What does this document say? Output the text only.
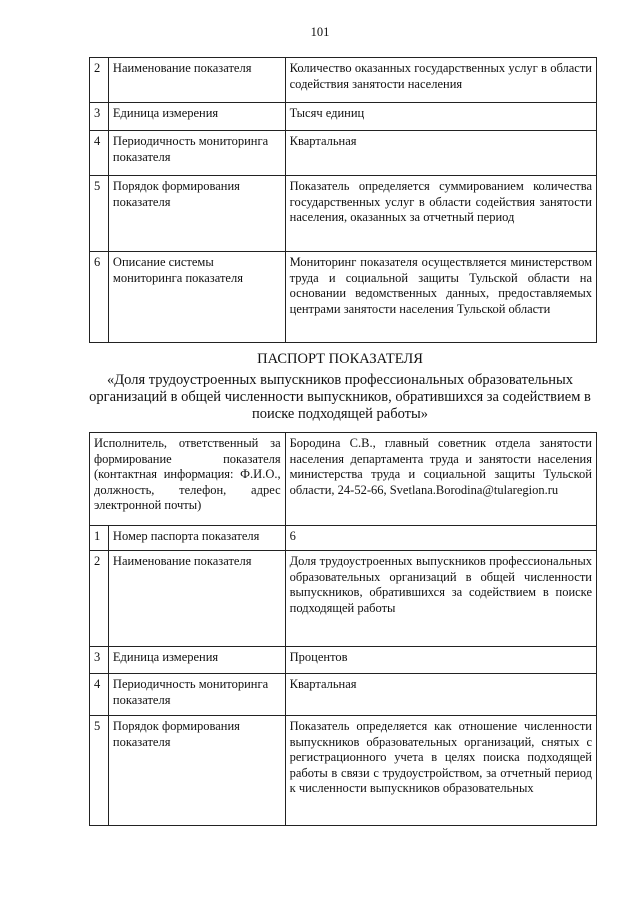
101
2	Наименование показателя	Количество оказанных государственных услуг в области содействия занятости населения
3	Единица измерения	Тысяч единиц
4	Периодичность мониторинга показателя	Квартальная
5	Порядок формирования показателя	Показатель определяется суммированием количества государственных услуг в области содействия занятости населения, оказанных за отчетный период
6	Описание системы мониторинга показателя	Мониторинг показателя осуществляется министерством труда и социальной защиты Тульской области на основании ведомственных данных, предоставляемых центрами занятости населения Тульской области
ПАСПОРТ ПОКАЗАТЕЛЯ
«Доля трудоустроенных выпускников профессиональных образовательных организаций в общей численности выпускников, обратившихся за содействием в поиске подходящей работы»
Исполнитель, ответственный за формирование показателя (контактная информация: Ф.И.О., должность, телефон, адрес электронной почты)		Бородина С.В., главный советник отдела занятости населения департамента труда и занятости населения министерства труда и социальной защиты Тульской области, 24-52-66, Svetlana.Borodina@tularegion.ru
1	Номер паспорта показателя	6
2	Наименование показателя	Доля трудоустроенных выпускников профессиональных образовательных организаций в общей численности выпускников, обратившихся за содействием в поиске подходящей работы
3	Единица измерения	Процентов
4	Периодичность мониторинга показателя	Квартальная
5	Порядок формирования показателя	Показатель определяется как отношение численности выпускников образовательных организаций, снятых с регистрационного учета в целях поиска подходящей работы в связи с трудоустройством, за отчетный период к численности выпускников образовательных
